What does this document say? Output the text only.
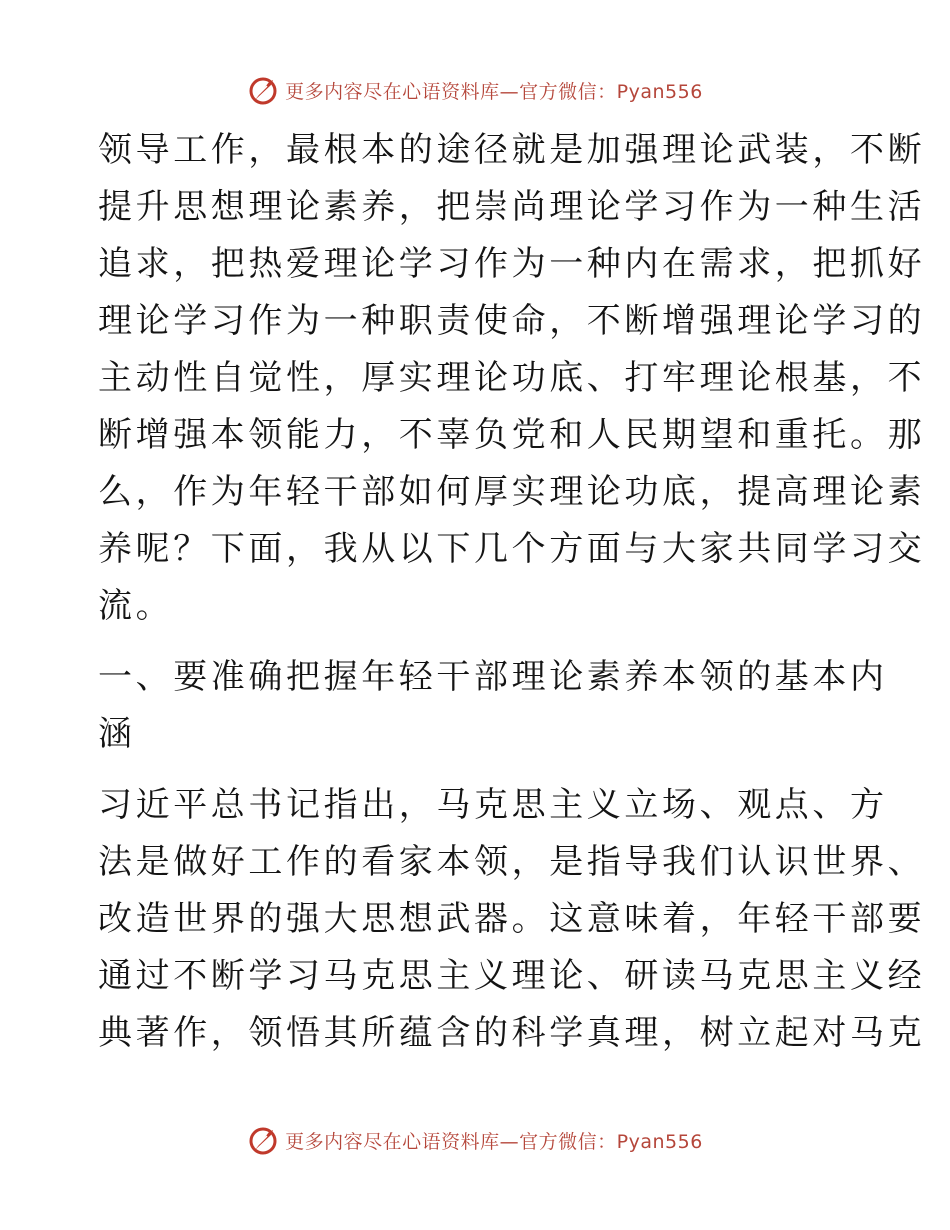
更多内容尽在心语资料库—官方微信：Pyan556

领导工作，最根本的途径就是加强理论武装，不断
提升思想理论素养，把崇尚理论学习作为一种生活
追求，把热爱理论学习作为一种内在需求，把抓好
理论学习作为一种职责使命，不断增强理论学习的
主动性自觉性，厚实理论功底、打牢理论根基，不
断增强本领能力，不辜负党和人民期望和重托。那
么，作为年轻干部如何厚实理论功底，提高理论素
养呢？下面，我从以下几个方面与大家共同学习交
流。

一、要准确把握年轻干部理论素养本领的基本内
涵

习近平总书记指出，马克思主义立场、观点、方
法是做好工作的看家本领，是指导我们认识世界、
改造世界的强大思想武器。这意味着，年轻干部要
通过不断学习马克思主义理论、研读马克思主义经
典著作，领悟其所蕴含的科学真理，树立起对马克

更多内容尽在心语资料库—官方微信：Pyan556
